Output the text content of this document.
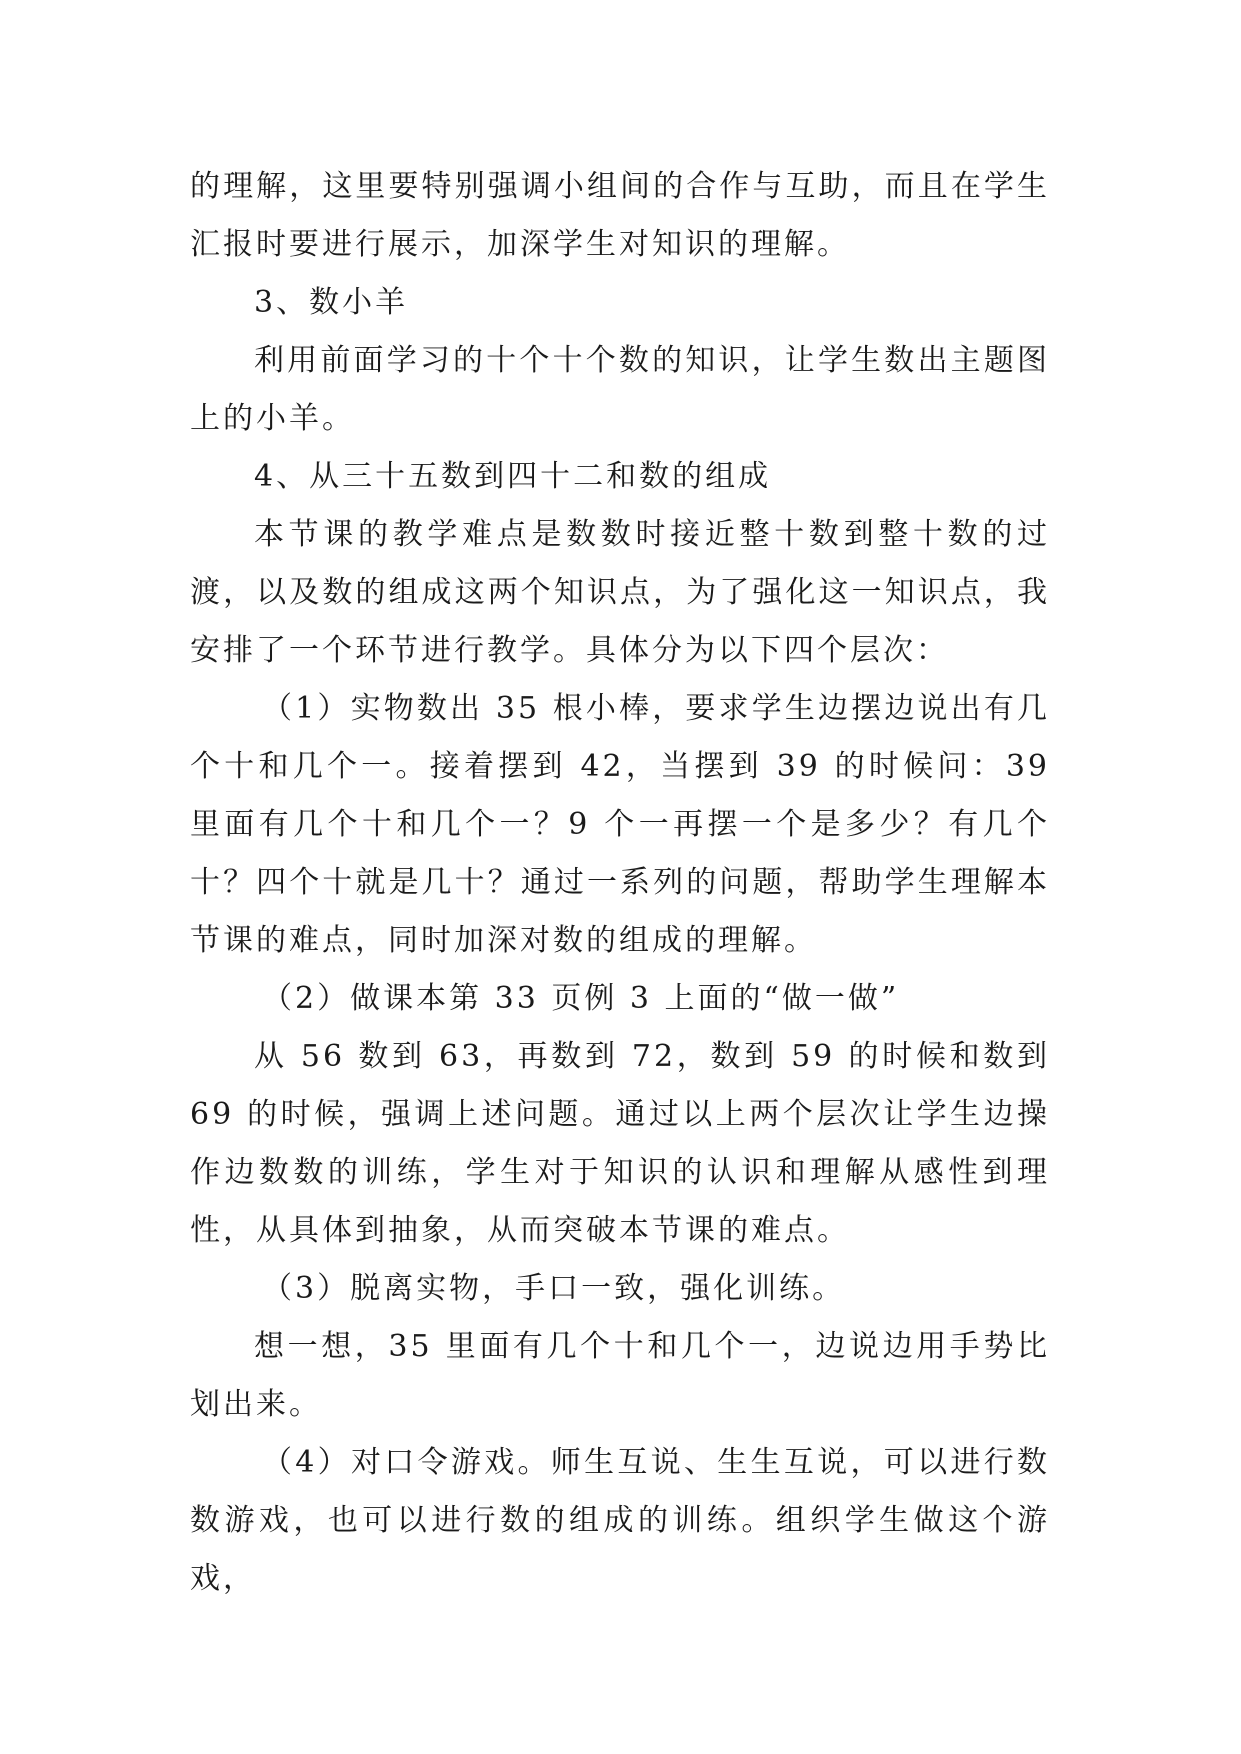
的理解，这里要特别强调小组间的合作与互助，而且在学生汇报时要进行展示，加深学生对知识的理解。

3、数小羊

利用前面学习的十个十个数的知识，让学生数出主题图上的小羊。

4、从三十五数到四十二和数的组成

本节课的教学难点是数数时接近整十数到整十数的过渡，以及数的组成这两个知识点，为了强化这一知识点，我安排了一个环节进行教学。具体分为以下四个层次：

（1）实物数出 35 根小棒，要求学生边摆边说出有几个十和几个一。接着摆到 42，当摆到 39 的时候问：39 里面有几个十和几个一？9 个一再摆一个是多少？有几个十？四个十就是几十？通过一系列的问题，帮助学生理解本节课的难点，同时加深对数的组成的理解。

（2）做课本第 33 页例 3 上面的“做一做”

从 56 数到 63，再数到 72，数到 59 的时候和数到 69 的时候，强调上述问题。通过以上两个层次让学生边操作边数数的训练，学生对于知识的认识和理解从感性到理性，从具体到抽象，从而突破本节课的难点。

（3）脱离实物，手口一致，强化训练。

想一想，35 里面有几个十和几个一，边说边用手势比划出来。

（4）对口令游戏。师生互说、生生互说，可以进行数数游戏，也可以进行数的组成的训练。组织学生做这个游戏，
